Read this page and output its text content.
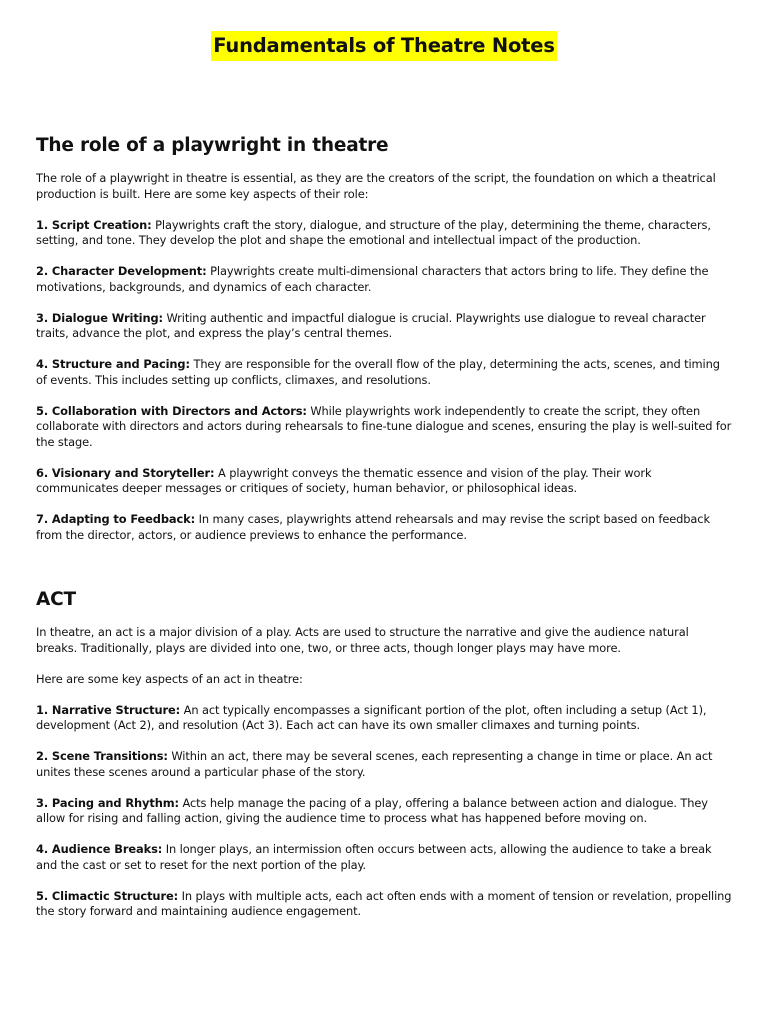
Fundamentals of Theatre Notes
The role of a playwright in theatre

The role of a playwright in theatre is essential, as they are the creators of the script, the foundation on which a theatrical production is built. Here are some key aspects of their role:

1. Script Creation: Playwrights craft the story, dialogue, and structure of the play, determining the theme, characters, setting, and tone. They develop the plot and shape the emotional and intellectual impact of the production.

2. Character Development: Playwrights create multi-dimensional characters that actors bring to life. They define the motivations, backgrounds, and dynamics of each character.

3. Dialogue Writing: Writing authentic and impactful dialogue is crucial. Playwrights use dialogue to reveal character traits, advance the plot, and express the play’s central themes.

4. Structure and Pacing: They are responsible for the overall flow of the play, determining the acts, scenes, and timing of events. This includes setting up conflicts, climaxes, and resolutions.

5. Collaboration with Directors and Actors: While playwrights work independently to create the script, they often collaborate with directors and actors during rehearsals to fine-tune dialogue and scenes, ensuring the play is well-suited for the stage.

6. Visionary and Storyteller: A playwright conveys the thematic essence and vision of the play. Their work communicates deeper messages or critiques of society, human behavior, or philosophical ideas.

7. Adapting to Feedback: In many cases, playwrights attend rehearsals and may revise the script based on feedback from the director, actors, or audience previews to enhance the performance.

ACT

In theatre, an act is a major division of a play. Acts are used to structure the narrative and give the audience natural breaks. Traditionally, plays are divided into one, two, or three acts, though longer plays may have more.

Here are some key aspects of an act in theatre:

1. Narrative Structure: An act typically encompasses a significant portion of the plot, often including a setup (Act 1), development (Act 2), and resolution (Act 3). Each act can have its own smaller climaxes and turning points.

2. Scene Transitions: Within an act, there may be several scenes, each representing a change in time or place. An act unites these scenes around a particular phase of the story.

3. Pacing and Rhythm: Acts help manage the pacing of a play, offering a balance between action and dialogue. They allow for rising and falling action, giving the audience time to process what has happened before moving on.

4. Audience Breaks: In longer plays, an intermission often occurs between acts, allowing the audience to take a break and the cast or set to reset for the next portion of the play.

5. Climactic Structure: In plays with multiple acts, each act often ends with a moment of tension or revelation, propelling the story forward and maintaining audience engagement.
